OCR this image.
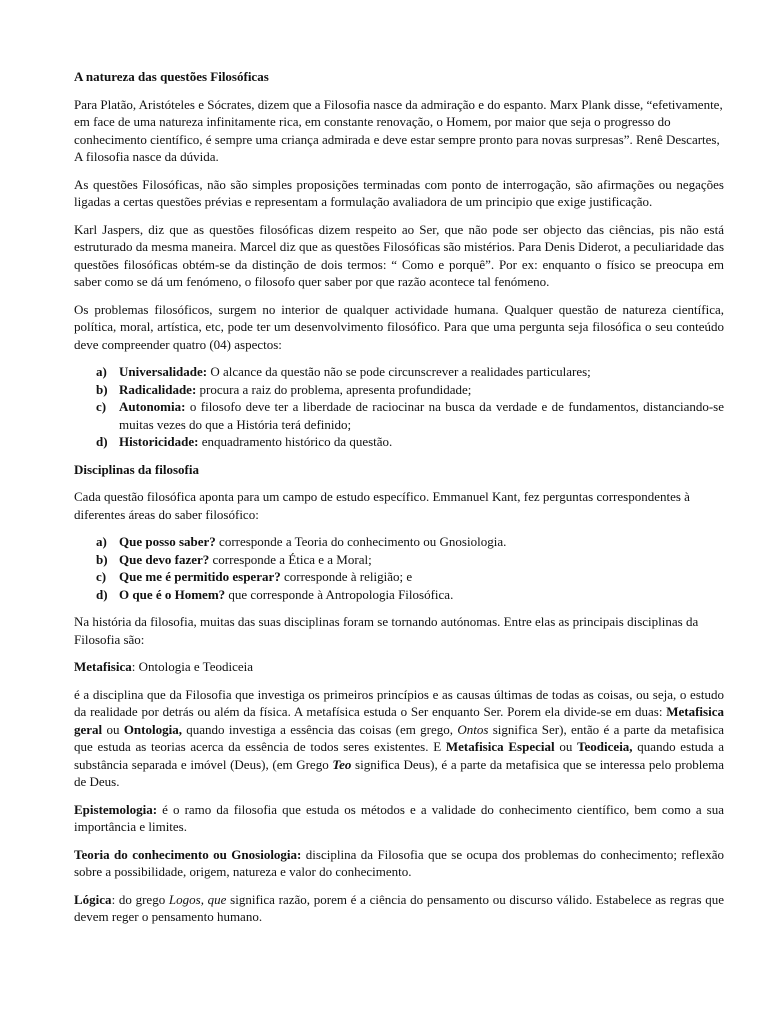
A natureza das questões Filosóficas

Para Platão, Aristóteles e Sócrates, dizem que a Filosofia nasce da admiração e do espanto. Marx Plank disse, “efetivamente, em face de uma natureza infinitamente rica, em constante renovação, o Homem, por maior que seja o progresso do conhecimento científico, é sempre uma criança admirada e deve estar sempre pronto para novas surpresas”. Renê Descartes, A filosofia nasce da dúvida.

As questões Filosóficas, não são simples proposições terminadas com ponto de interrogação, são afirmações ou negações ligadas a certas questões prévias e representam a formulação avaliadora de um principio que exige justificação.

Karl Jaspers, diz que as questões filosóficas dizem respeito ao Ser, que não pode ser objecto das ciências, pis não está estruturado da mesma maneira. Marcel diz que as questões Filosóficas são mistérios. Para Denis Diderot, a peculiaridade das questões filosóficas obtém-se da distinção de dois termos: “ Como e porquê”. Por ex: enquanto o físico se preocupa em saber como se dá um fenómeno, o filosofo quer saber por que razão acontece tal fenómeno.

Os problemas filosóficos, surgem no interior de qualquer actividade humana. Qualquer questão de natureza científica, política, moral, artística, etc, pode ter um desenvolvimento filosófico. Para que uma pergunta seja filosófica o seu conteúdo deve compreender quatro (04) aspectos:

a) Universalidade: O alcance da questão não se pode circunscrever a realidades particulares;
b) Radicalidade: procura a raiz do problema, apresenta profundidade;
c) Autonomia: o filosofo deve ter a liberdade de raciocinar na busca da verdade e de fundamentos, distanciando-se muitas vezes do que a História terá definido;
d) Historicidade: enquadramento histórico da questão.

Disciplinas da filosofia

Cada questão filosófica aponta para um campo de estudo específico. Emmanuel Kant, fez perguntas correspondentes à diferentes áreas do saber filosófico:

a) Que posso saber? corresponde a Teoria do conhecimento ou Gnosiologia.
b) Que devo fazer? corresponde a Ética e a Moral;
c) Que me é permitido esperar? corresponde à religião; e
d) O que é o Homem? que corresponde à Antropologia Filosófica.

Na história da filosofia, muitas das suas disciplinas foram se tornando autónomas. Entre elas as principais disciplinas da Filosofia são:

Metafisica: Ontologia e Teodiceia

é a disciplina que da Filosofia que investiga os primeiros princípios e as causas últimas de todas as coisas, ou seja, o estudo da realidade por detrás ou além da física. A metafísica estuda o Ser enquanto Ser. Porem ela divide-se em duas: Metafisica geral ou Ontologia, quando investiga a essência das coisas (em grego, Ontos significa Ser), então é a parte da metafisica que estuda as teorias acerca da essência de todos seres existentes. E Metafisica Especial ou Teodiceia, quando estuda a substância separada e imóvel (Deus), (em Grego Teo significa Deus), é a parte da metafisica que se interessa pelo problema de Deus.

Epistemologia: é o ramo da filosofia que estuda os métodos e a validade do conhecimento científico, bem como a sua importância e limites.

Teoria do conhecimento ou Gnosiologia: disciplina da Filosofia que se ocupa dos problemas do conhecimento; reflexão sobre a possibilidade, origem, natureza e valor do conhecimento.

Lógica: do grego Logos, que significa razão, porem é a ciência do pensamento ou discurso válido. Estabelece as regras que devem reger o pensamento humano.
